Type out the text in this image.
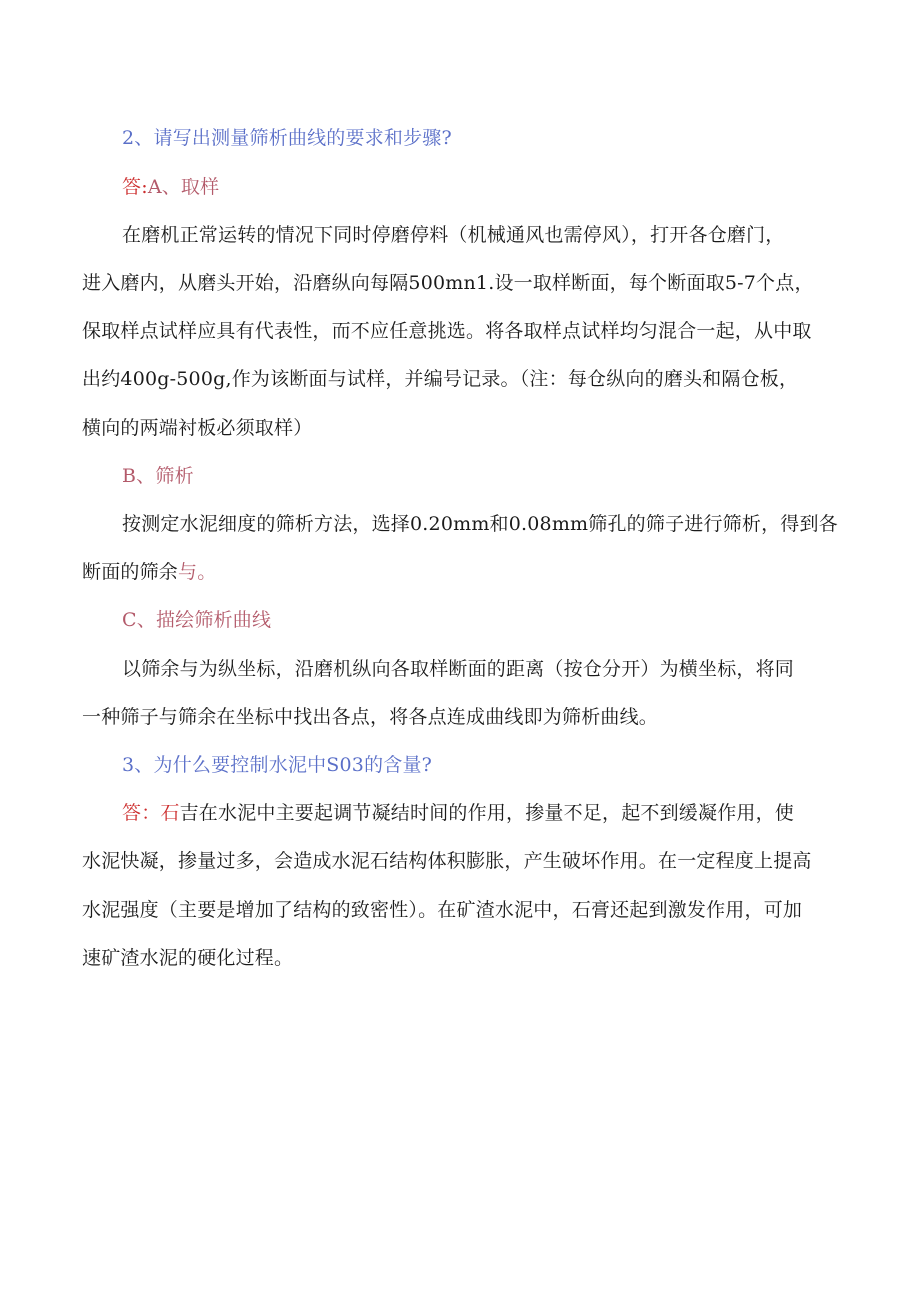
2、请写出测量筛析曲线的要求和步骤?
答:A、取样
在磨机正常运转的情况下同时停磨停料（机械通风也需停风），打开各仓磨门，
进入磨内，从磨头开始，沿磨纵向每隔500mn1.设一取样断面，每个断面取5-7个点，
保取样点试样应具有代表性，而不应任意挑选。将各取样点试样均匀混合一起，从中取
出约400g-500g,作为该断面与试样，并编号记录。（注：每仓纵向的磨头和隔仓板，
横向的两端衬板必须取样）
B、筛析
按测定水泥细度的筛析方法，选择0.20mm和0.08mm筛孔的筛子进行筛析，得到各
断面的筛余与。
C、描绘筛析曲线
以筛余与为纵坐标，沿磨机纵向各取样断面的距离（按仓分开）为横坐标，将同
一种筛子与筛余在坐标中找出各点，将各点连成曲线即为筛析曲线。
3、为什么要控制水泥中S03的含量?
答：石吉在水泥中主要起调节凝结时间的作用，掺量不足，起不到缓凝作用，使
水泥快凝，掺量过多，会造成水泥石结构体积膨胀，产生破坏作用。在一定程度上提高
水泥强度（主要是增加了结构的致密性）。在矿渣水泥中，石膏还起到激发作用，可加
速矿渣水泥的硬化过程。
